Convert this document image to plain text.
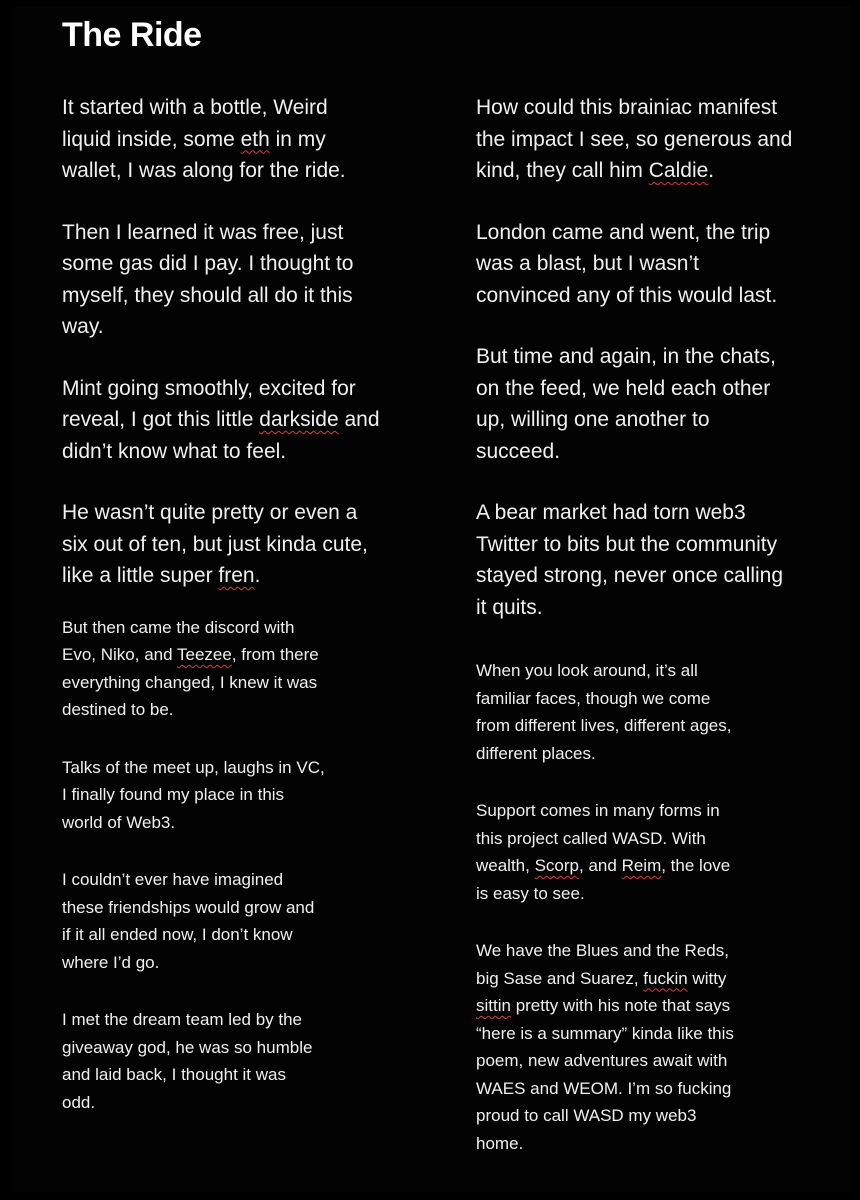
The Ride

It started with a bottle, Weird
liquid inside, some eth in my
wallet, I was along for the ride.

Then I learned it was free, just
some gas did I pay. I thought to
myself, they should all do it this
way.

Mint going smoothly, excited for
reveal, I got this little darkside and
didn’t know what to feel.

He wasn’t quite pretty or even a
six out of ten, but just kinda cute,
like a little super fren.

But then came the discord with
Evo, Niko, and Teezee, from there
everything changed, I knew it was
destined to be.

Talks of the meet up, laughs in VC,
I finally found my place in this
world of Web3.

I couldn’t ever have imagined
these friendships would grow and
if it all ended now, I don’t know
where I’d go.

I met the dream team led by the
giveaway god, he was so humble
and laid back, I thought it was
odd.

How could this brainiac manifest
the impact I see, so generous and
kind, they call him Caldie.

London came and went, the trip
was a blast, but I wasn’t
convinced any of this would last.

But time and again, in the chats,
on the feed, we held each other
up, willing one another to
succeed.

A bear market had torn web3
Twitter to bits but the community
stayed strong, never once calling
it quits.

When you look around, it’s all
familiar faces, though we come
from different lives, different ages,
different places.

Support comes in many forms in
this project called WASD. With
wealth, Scorp, and Reim, the love
is easy to see.

We have the Blues and the Reds,
big Sase and Suarez, fuckin witty
sittin pretty with his note that says
“here is a summary” kinda like this
poem, new adventures await with
WAES and WEOM. I’m so fucking
proud to call WASD my web3
home.
